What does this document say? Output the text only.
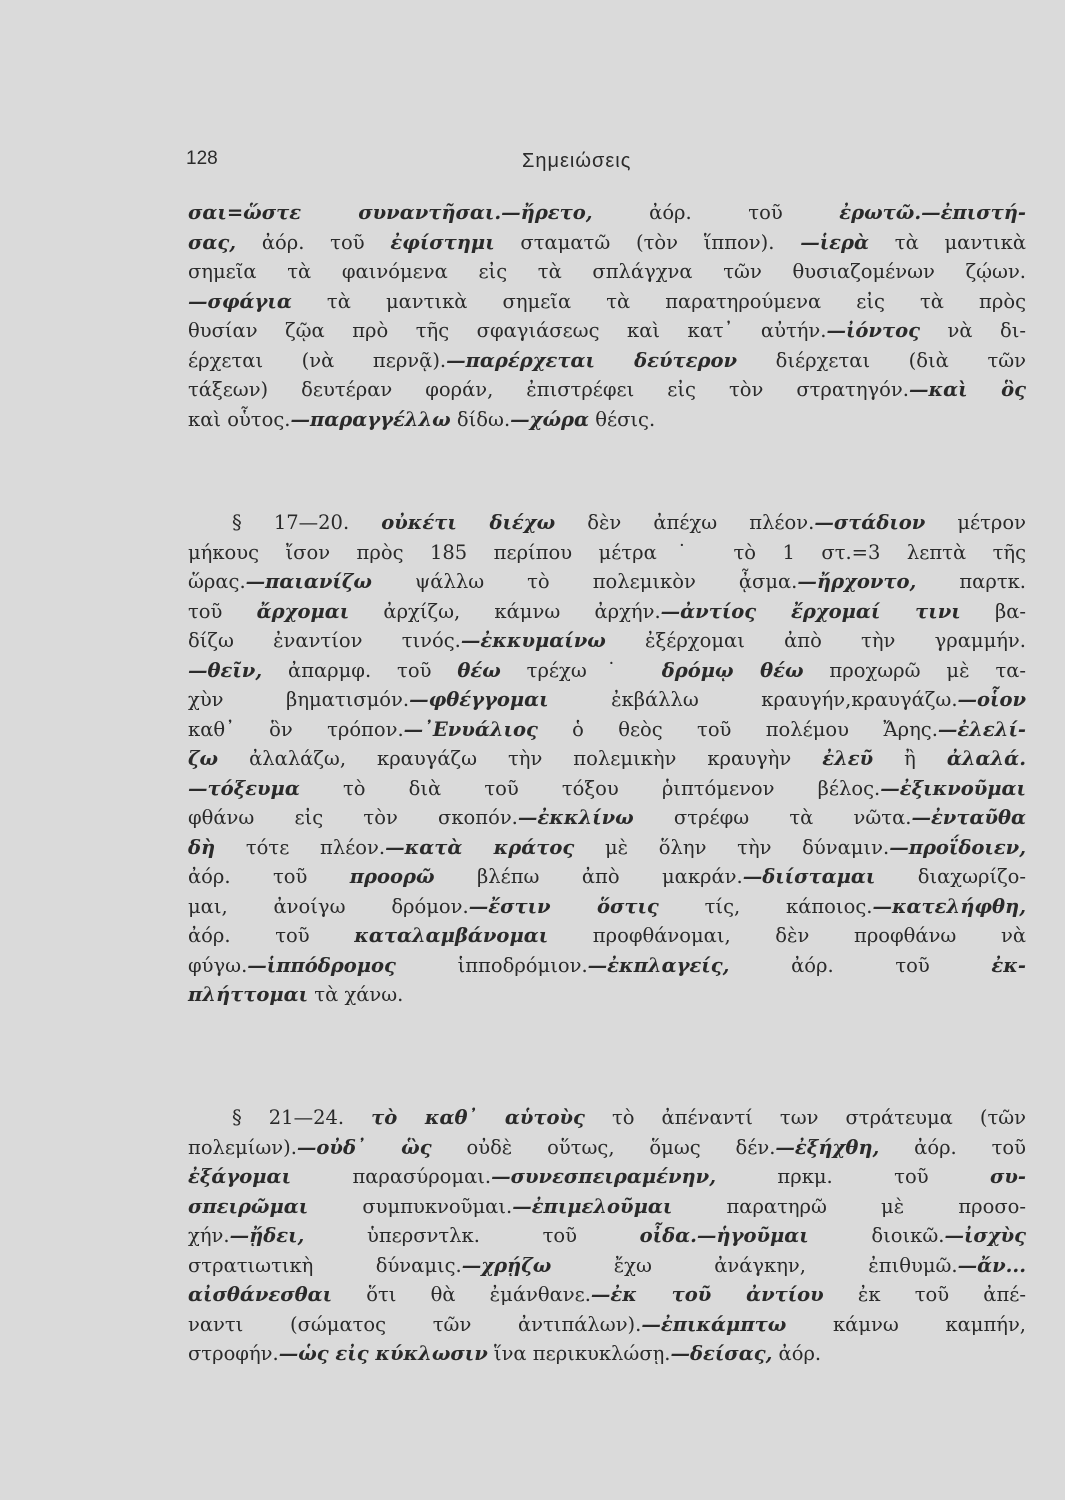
128	Σημειώσεις
σαι=ὥστε συναντῆσαι.—ἤρετο, ἀόρ. τοῦ ἐρωτῶ.—ἐπιστή-
σας, ἀόρ. τοῦ ἐφίστημι σταματῶ (τὸν ἵππον). —ἱερὰ τὰ μαντικὰ
σημεῖα τὰ φαινόμενα εἰς τὰ σπλάγχνα τῶν θυσιαζομένων ζῴων.
—σφάγια τὰ μαντικὰ σημεῖα τὰ παρατηρούμενα εἰς τὰ πρὸς
θυσίαν ζῷα πρὸ τῆς σφαγιάσεως καὶ κατ᾿ αὐτήν.—ἰόντος νὰ δι-
έρχεται (νὰ περνᾷ).—παρέρχεται δεύτερον διέρχεται (διὰ τῶν
τάξεων) δευτέραν φοράν, ἐπιστρέφει εἰς τὸν στρατηγόν.—καὶ ὃς
καὶ οὗτος.—παραγγέλλω δίδω.—χώρα θέσις.
§ 17—20. οὐκέτι διέχω δὲν ἀπέχω πλέον.—στάδιον μέτρον
μήκους ἴσον πρὸς 185 περίπου μέτρα˙ τὸ 1 στ.=3 λεπτὰ τῆς
ὥρας.—παιανίζω ψάλλω τὸ πολεμικὸν ᾆσμα.—ἤρχοντο, παρτκ.
τοῦ ἄρχομαι ἀρχίζω, κάμνω ἀρχήν.—ἀντίος ἔρχομαί τινι βα-
δίζω ἐναντίον τινός.—ἐκκυμαίνω ἐξέρχομαι ἀπὸ τὴν γραμμήν.
—θεῖν, ἀπαρμφ. τοῦ θέω τρέχω˙ δρόμῳ θέω προχωρῶ μὲ τα-
χὺν βηματισμόν.—φθέγγομαι ἐκβάλλω κραυγήν,κραυγάζω.—οἷον
καθ᾿ ὃν τρόπον.—᾿Ενυάλιος ὁ θεὸς τοῦ πολέμου Ἄρης.—ἐλελί-
ζω ἀλαλάζω, κραυγάζω τὴν πολεμικὴν κραυγὴν ἐλεῦ ἢ ἀλαλά.
—τόξευμα τὸ διὰ τοῦ τόξου ῥιπτόμενον βέλος.—ἐξικνοῦμαι
φθάνω εἰς τὸν σκοπόν.—ἐκκλίνω στρέφω τὰ νῶτα.—ἐνταῦθα
δὴ τότε πλέον.—κατὰ κράτος μὲ ὅλην τὴν δύναμιν.—προΐδοιεν,
ἀόρ. τοῦ προορῶ βλέπω ἀπὸ μακράν.—διίσταμαι διαχωρίζο-
μαι, ἀνοίγω δρόμον.—ἔστιν ὅστις τίς, κάποιος.—κατελήφθη,
ἀόρ. τοῦ καταλαμβάνομαι προφθάνομαι, δὲν προφθάνω νὰ
φύγω.—ἱππόδρομος ἱπποδρόμιον.—ἐκπλαγείς, ἀόρ. τοῦ ἐκ-
πλήττομαι τὰ χάνω.
§ 21—24. τὸ καθ᾿ αὑτοὺς τὸ ἀπέναντί των στράτευμα (τῶν
πολεμίων).—οὐδ᾿ ὣς οὐδὲ οὕτως, ὅμως δέν.—ἐξήχθη, ἀόρ. τοῦ
ἐξάγομαι παρασύρομαι.—συνεσπειραμένην, πρκμ. τοῦ συ-
σπειρῶμαι συμπυκνοῦμαι.—ἐπιμελοῦμαι παρατηρῶ μὲ προσο-
χήν.—ᾔδει, ὑπερσντλκ. τοῦ οἶδα.—ἡγοῦμαι διοικῶ.—ἰσχὺς
στρατιωτικὴ δύναμις.—χρῄζω ἔχω ἀνάγκην, ἐπιθυμῶ.—ἄν...
αἰσθάνεσθαι ὅτι θὰ ἐμάνθανε.—ἐκ τοῦ ἀντίου ἐκ τοῦ ἀπέ-
ναντι (σώματος τῶν ἀντιπάλων).—ἐπικάμπτω κάμνω καμπήν,
στροφήν.—ὡς εἰς κύκλωσιν ἵνα περικυκλώσῃ.—δείσας, ἀόρ.
